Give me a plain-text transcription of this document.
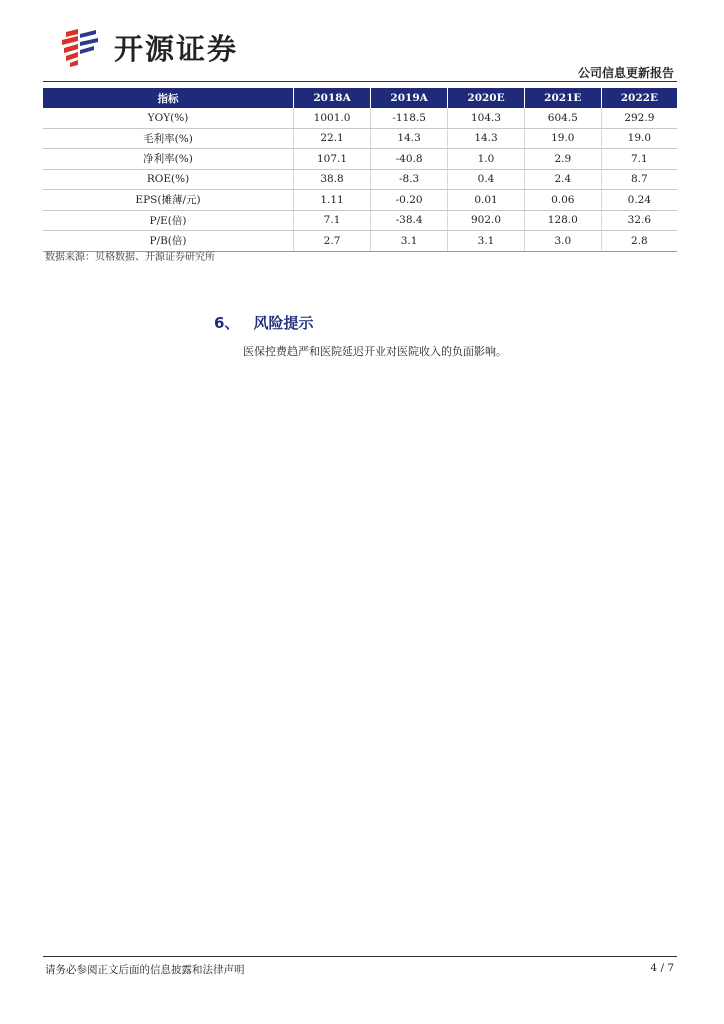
开源证券
公司信息更新报告
指标	2018A	2019A	2020E	2021E	2022E
YOY(%)	1001.0	-118.5	104.3	604.5	292.9
毛利率(%)	22.1	14.3	14.3	19.0	19.0
净利率(%)	107.1	-40.8	1.0	2.9	7.1
ROE(%)	38.8	-8.3	0.4	2.4	8.7
EPS(摊薄/元)	1.11	-0.20	0.01	0.06	0.24
P/E(倍)	7.1	-38.4	902.0	128.0	32.6
P/B(倍)	2.7	3.1	3.1	3.0	2.8
数据来源：贝格数据、开源证券研究所
6、 风险提示
医保控费趋严和医院延迟开业对医院收入的负面影响。
请务必参阅正文后面的信息披露和法律声明	4 / 7
